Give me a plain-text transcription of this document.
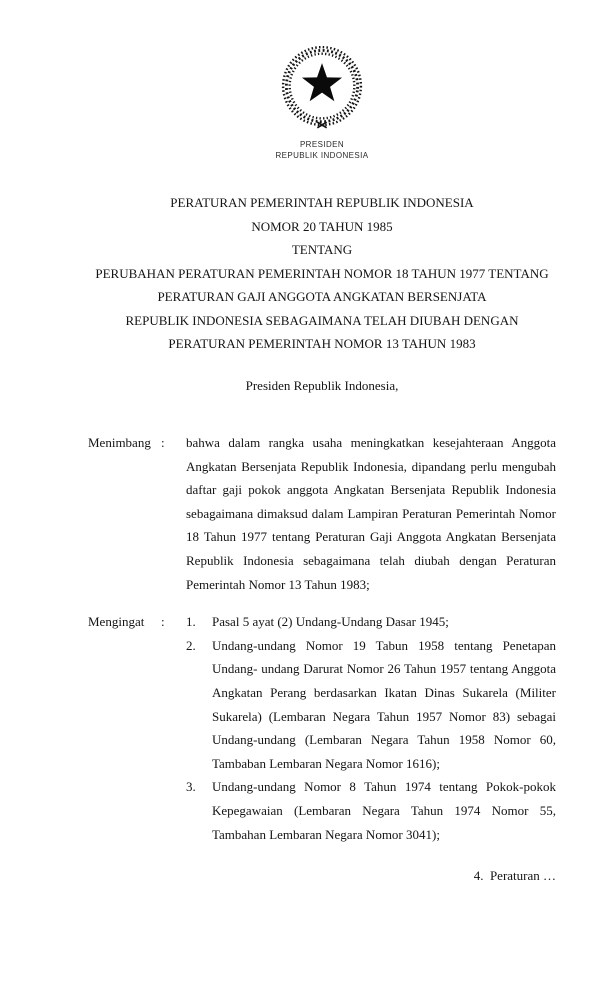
PRESIDEN
REPUBLIK INDONESIA
PERATURAN PEMERINTAH REPUBLIK INDONESIA
NOMOR 20 TAHUN 1985
TENTANG
PERUBAHAN PERATURAN PEMERINTAH NOMOR 18 TAHUN 1977 TENTANG
PERATURAN GAJI ANGGOTA ANGKATAN BERSENJATA
REPUBLIK INDONESIA SEBAGAIMANA TELAH DIUBAH DENGAN
PERATURAN PEMERINTAH NOMOR 13 TAHUN 1983
Presiden Republik Indonesia,
Menimbang :	bahwa dalam rangka usaha meningkatkan kesejahteraan Anggota Angkatan Bersenjata Republik Indonesia, dipandang perlu mengubah daftar gaji pokok anggota Angkatan Bersenjata Republik Indonesia sebagaimana dimaksud dalam Lampiran Peraturan Pemerintah Nomor 18 Tahun 1977 tentang Peraturan Gaji Anggota Angkatan Bersenjata Republik Indonesia sebagaimana telah diubah dengan Peraturan Pemerintah Nomor 13 Tahun 1983;
Mengingat	:	1.	Pasal 5 ayat (2) Undang-Undang Dasar 1945;
2.	Undang-undang Nomor 19 Tabun 1958 tentang Penetapan Undang- undang Darurat Nomor 26 Tahun 1957 tentang Anggota Angkatan Perang berdasarkan Ikatan Dinas Sukarela (Militer Sukarela) (Lembaran Negara Tahun 1957 Nomor 83) sebagai Undang-undang (Lembaran Negara Tahun 1958 Nomor 60, Tambaban Lembaran Negara Nomor 1616);
3.	Undang-undang Nomor 8 Tahun 1974 tentang Pokok-pokok Kepegawaian (Lembaran Negara Tahun 1974 Nomor 55, Tambahan Lembaran Negara Nomor 3041);
4.  Peraturan …
